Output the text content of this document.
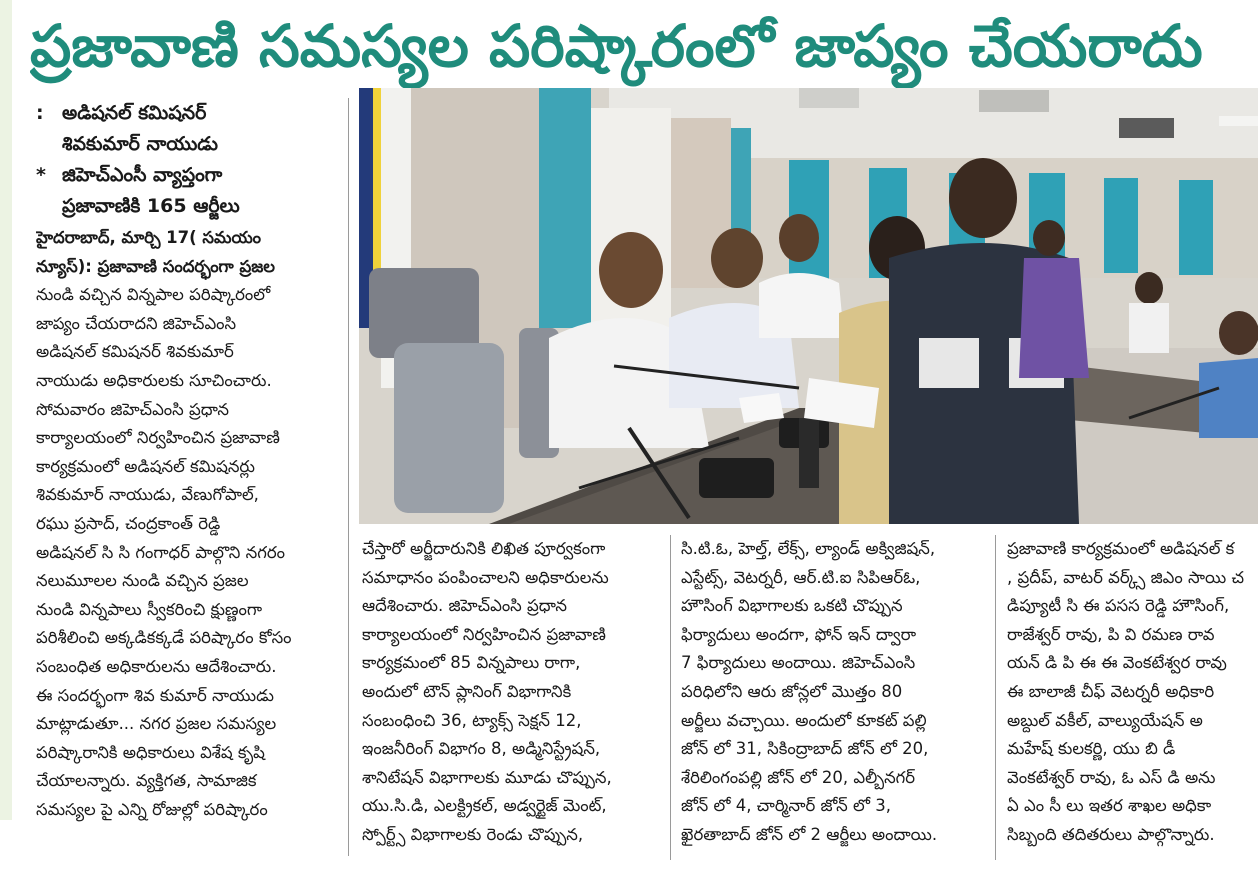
ప్రజావాణి సమస్యల పరిష్కారంలో జాప్యం చేయరాదు

: అడిషనల్ కమిషనర్

శివకుమార్ నాయుడు

* జిహెచ్ఎంసీ వ్యాప్తంగా

ప్రజావాణికి 165 ఆర్జీలు

హైదరాబాద్, మార్చి 17( సమయం

న్యూస్): ప్రజావాణి సందర్భంగా ప్రజల

నుండి వచ్చిన విన్నపాల పరిష్కారంలో

జాప్యం చేయరాదని జిహెచ్ఎంసి

అడిషనల్ కమిషనర్ శివకుమార్

నాయుడు అధికారులకు సూచించారు.

సోమవారం జిహెచ్ఎంసి ప్రధాన

కార్యాలయంలో నిర్వహించిన ప్రజావాణి

కార్యక్రమంలో అడిషనల్ కమిషనర్లు

శివకుమార్ నాయుడు, వేణుగోపాల్,

రఘు ప్రసాద్, చంద్రకాంత్ రెడ్డి

అడిషనల్ సి సి గంగాధర్ పాల్గొని నగరం

నలుమూలల నుండి వచ్చిన ప్రజల

నుండి విన్నపాలు స్వీకరించి క్షుణ్ణంగా

పరిశీలించి అక్కడికక్కడే పరిష్కారం కోసం

సంబంధిత అధికారులను ఆదేశించారు.

ఈ సందర్భంగా శివ కుమార్ నాయుడు

మాట్లాడుతూ... నగర ప్రజల సమస్యల

పరిష్కారానికి అధికారులు విశేష కృషి

చేయాలన్నారు. వ్యక్తిగత, సామాజిక

సమస్యల పై ఎన్ని రోజుల్లో పరిష్కారం

చేస్తారో అర్జీదారునికి లిఖిత పూర్వకంగా

సమాధానం పంపించాలని అధికారులను

ఆదేశించారు. జిహెచ్ఎంసి ప్రధాన

కార్యాలయంలో నిర్వహించిన ప్రజావాణి

కార్యక్రమంలో 85 విన్నపాలు రాగా,

అందులో టౌన్ ప్లానింగ్ విభాగానికి

సంబంధించి 36, ట్యాక్స్ సెక్షన్ 12,

ఇంజనీరింగ్ విభాగం 8, అడ్మినిస్ట్రేషన్,

శానిటేషన్ విభాగాలకు మూడు చొప్పున,

యు.సి.డి, ఎలక్ట్రికల్, అడ్వర్టైజ్ మెంట్,

స్పోర్ట్స్ విభాగాలకు రెండు చొప్పున,

సి.టి.ఓ, హెల్త్, లేక్స్, ల్యాండ్ అక్విజిషన్,

ఎస్టేట్స్, వెటర్నరీ, ఆర్.టి.ఐ సిపిఆర్ఓ,

హౌసింగ్ విభాగాలకు ఒకటి చొప్పున

ఫిర్యాదులు అందగా, ఫోన్ ఇన్ ద్వారా

7 ఫిర్యాదులు అందాయి. జిహెచ్ఎంసి

పరిధిలోని ఆరు జోన్లలో మొత్తం 80

అర్జీలు వచ్చాయి. అందులో కూకట్ పల్లి

జోన్ లో 31, సికింద్రాబాద్ జోన్ లో 20,

శేరిలింగంపల్లి జోన్ లో 20, ఎల్బీనగర్

జోన్ లో 4, చార్మినార్ జోన్ లో 3,

ఖైరతాబాద్ జోన్ లో 2 ఆర్జీలు అందాయి.

ప్రజావాణి కార్యక్రమంలో అడిషనల్ క

, ప్రదీప్, వాటర్ వర్క్స్ జిఎం సాయి చ

డిప్యూటీ సి ఈ పసస రెడ్డి హౌసింగ్,

రాజేశ్వర్ రావు, పి వి రమణ రావ

యన్ డి పి ఈ ఈ వెంకటేశ్వర రావు

ఈ బాలాజీ చీఫ్ వెటర్నరీ అధికారి

అబ్దుల్ వకీల్, వాల్యుయేషన్ అ

మహేష్ కులకర్ణి, యు బి డీ

వెంకటేశ్వర్ రావు, ఓ ఎస్ డి అను

ఏ ఎం సీ లు ఇతర శాఖల అధికా

సిబ్బంది తదితరులు పాల్గొన్నారు.
